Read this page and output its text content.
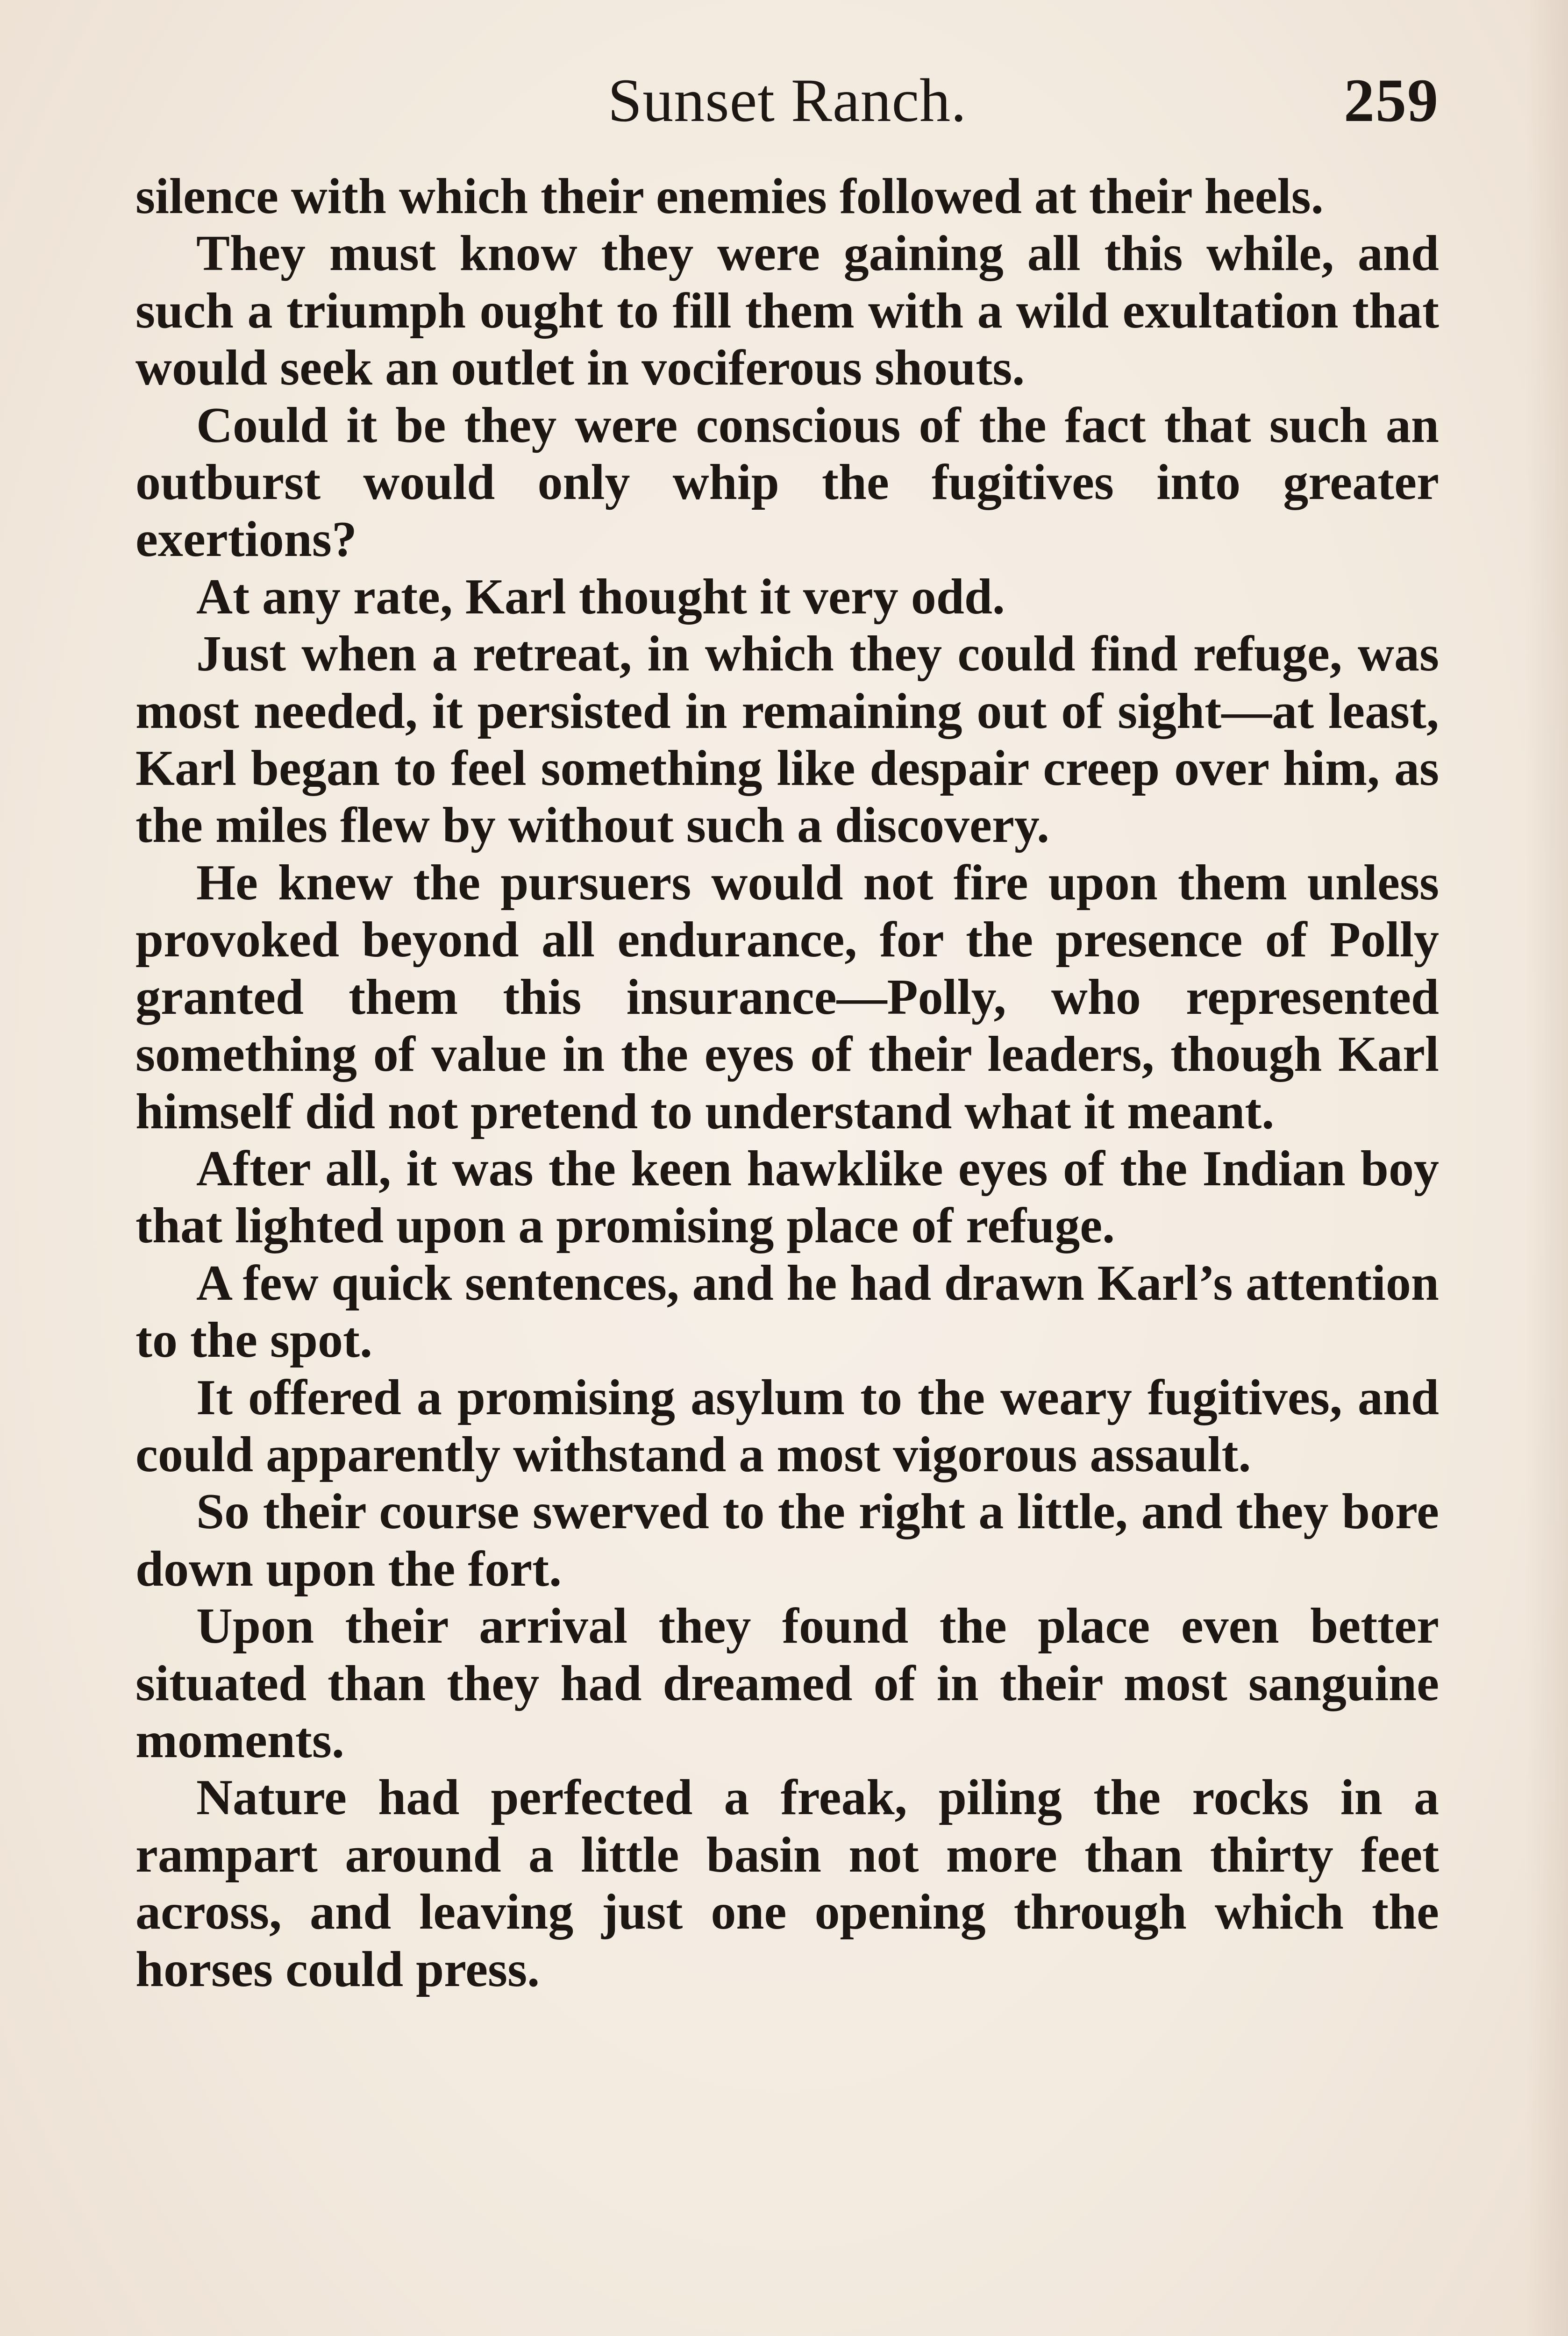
Sunset Ranch.	259

silence with which their enemies followed at their heels.

They must know they were gaining all this while, and such a triumph ought to fill them with a wild exultation that would seek an outlet in vociferous shouts.

Could it be they were conscious of the fact that such an outburst would only whip the fugitives into greater exertions?

At any rate, Karl thought it very odd.

Just when a retreat, in which they could find refuge, was most needed, it persisted in remaining out of sight—at least, Karl began to feel something like despair creep over him, as the miles flew by without such a discovery.

He knew the pursuers would not fire upon them unless provoked beyond all endurance, for the presence of Polly granted them this insurance—Polly, who represented something of value in the eyes of their leaders, though Karl himself did not pretend to understand what it meant.

After all, it was the keen hawklike eyes of the Indian boy that lighted upon a promising place of refuge.

A few quick sentences, and he had drawn Karl’s attention to the spot.

It offered a promising asylum to the weary fugitives, and could apparently withstand a most vigorous assault.

So their course swerved to the right a little, and they bore down upon the fort.

Upon their arrival they found the place even better situated than they had dreamed of in their most sanguine moments.

Nature had perfected a freak, piling the rocks in a rampart around a little basin not more than thirty feet across, and leaving just one opening through which the horses could press.
